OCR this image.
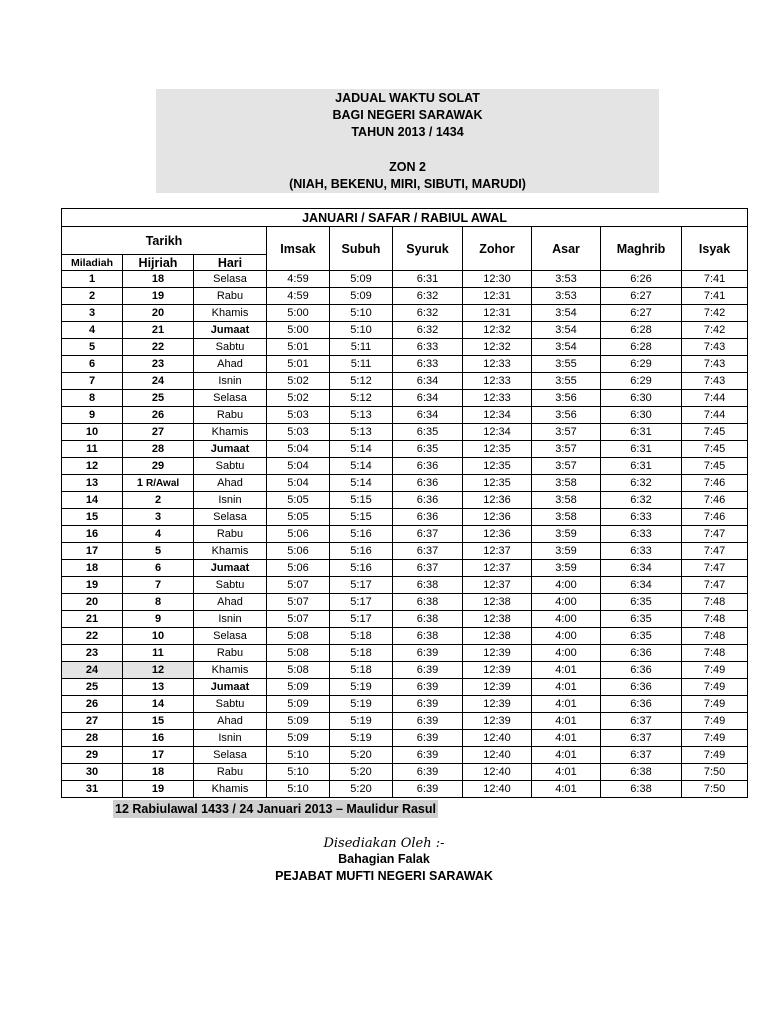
JADUAL WAKTU SOLAT
BAGI NEGERI SARAWAK
TAHUN 2013 / 1434
ZON 2
(NIAH, BEKENU, MIRI, SIBUTI, MARUDI)
JANUARI / SAFAR / RABIUL AWAL									
Tarikh			Imsak	Subuh	Syuruk	Zohor	Asar	Maghrib	Isyak
Miladiah	Hijriah	Hari							
1	18	Selasa	4:59	5:09	6:31	12:30	3:53	6:26	7:41
2	19	Rabu	4:59	5:09	6:32	12:31	3:53	6:27	7:41
3	20	Khamis	5:00	5:10	6:32	12:31	3:54	6:27	7:42
4	21	Jumaat	5:00	5:10	6:32	12:32	3:54	6:28	7:42
5	22	Sabtu	5:01	5:11	6:33	12:32	3:54	6:28	7:43
6	23	Ahad	5:01	5:11	6:33	12:33	3:55	6:29	7:43
7	24	Isnin	5:02	5:12	6:34	12:33	3:55	6:29	7:43
8	25	Selasa	5:02	5:12	6:34	12:33	3:56	6:30	7:44
9	26	Rabu	5:03	5:13	6:34	12:34	3:56	6:30	7:44
10	27	Khamis	5:03	5:13	6:35	12:34	3:57	6:31	7:45
11	28	Jumaat	5:04	5:14	6:35	12:35	3:57	6:31	7:45
12	29	Sabtu	5:04	5:14	6:36	12:35	3:57	6:31	7:45
13	1 R/Awal	Ahad	5:04	5:14	6:36	12:35	3:58	6:32	7:46
14	2	Isnin	5:05	5:15	6:36	12:36	3:58	6:32	7:46
15	3	Selasa	5:05	5:15	6:36	12:36	3:58	6:33	7:46
16	4	Rabu	5:06	5:16	6:37	12:36	3:59	6:33	7:47
17	5	Khamis	5:06	5:16	6:37	12:37	3:59	6:33	7:47
18	6	Jumaat	5:06	5:16	6:37	12:37	3:59	6:34	7:47
19	7	Sabtu	5:07	5:17	6:38	12:37	4:00	6:34	7:47
20	8	Ahad	5:07	5:17	6:38	12:38	4:00	6:35	7:48
21	9	Isnin	5:07	5:17	6:38	12:38	4:00	6:35	7:48
22	10	Selasa	5:08	5:18	6:38	12:38	4:00	6:35	7:48
23	11	Rabu	5:08	5:18	6:39	12:39	4:00	6:36	7:48
24	12	Khamis	5:08	5:18	6:39	12:39	4:01	6:36	7:49
25	13	Jumaat	5:09	5:19	6:39	12:39	4:01	6:36	7:49
26	14	Sabtu	5:09	5:19	6:39	12:39	4:01	6:36	7:49
27	15	Ahad	5:09	5:19	6:39	12:39	4:01	6:37	7:49
28	16	Isnin	5:09	5:19	6:39	12:40	4:01	6:37	7:49
29	17	Selasa	5:10	5:20	6:39	12:40	4:01	6:37	7:49
30	18	Rabu	5:10	5:20	6:39	12:40	4:01	6:38	7:50
31	19	Khamis	5:10	5:20	6:39	12:40	4:01	6:38	7:50
12 Rabiulawal 1433 / 24 Januari 2013 – Maulidur Rasul
Disediakan Oleh :-
Bahagian Falak
PEJABAT MUFTI NEGERI SARAWAK
